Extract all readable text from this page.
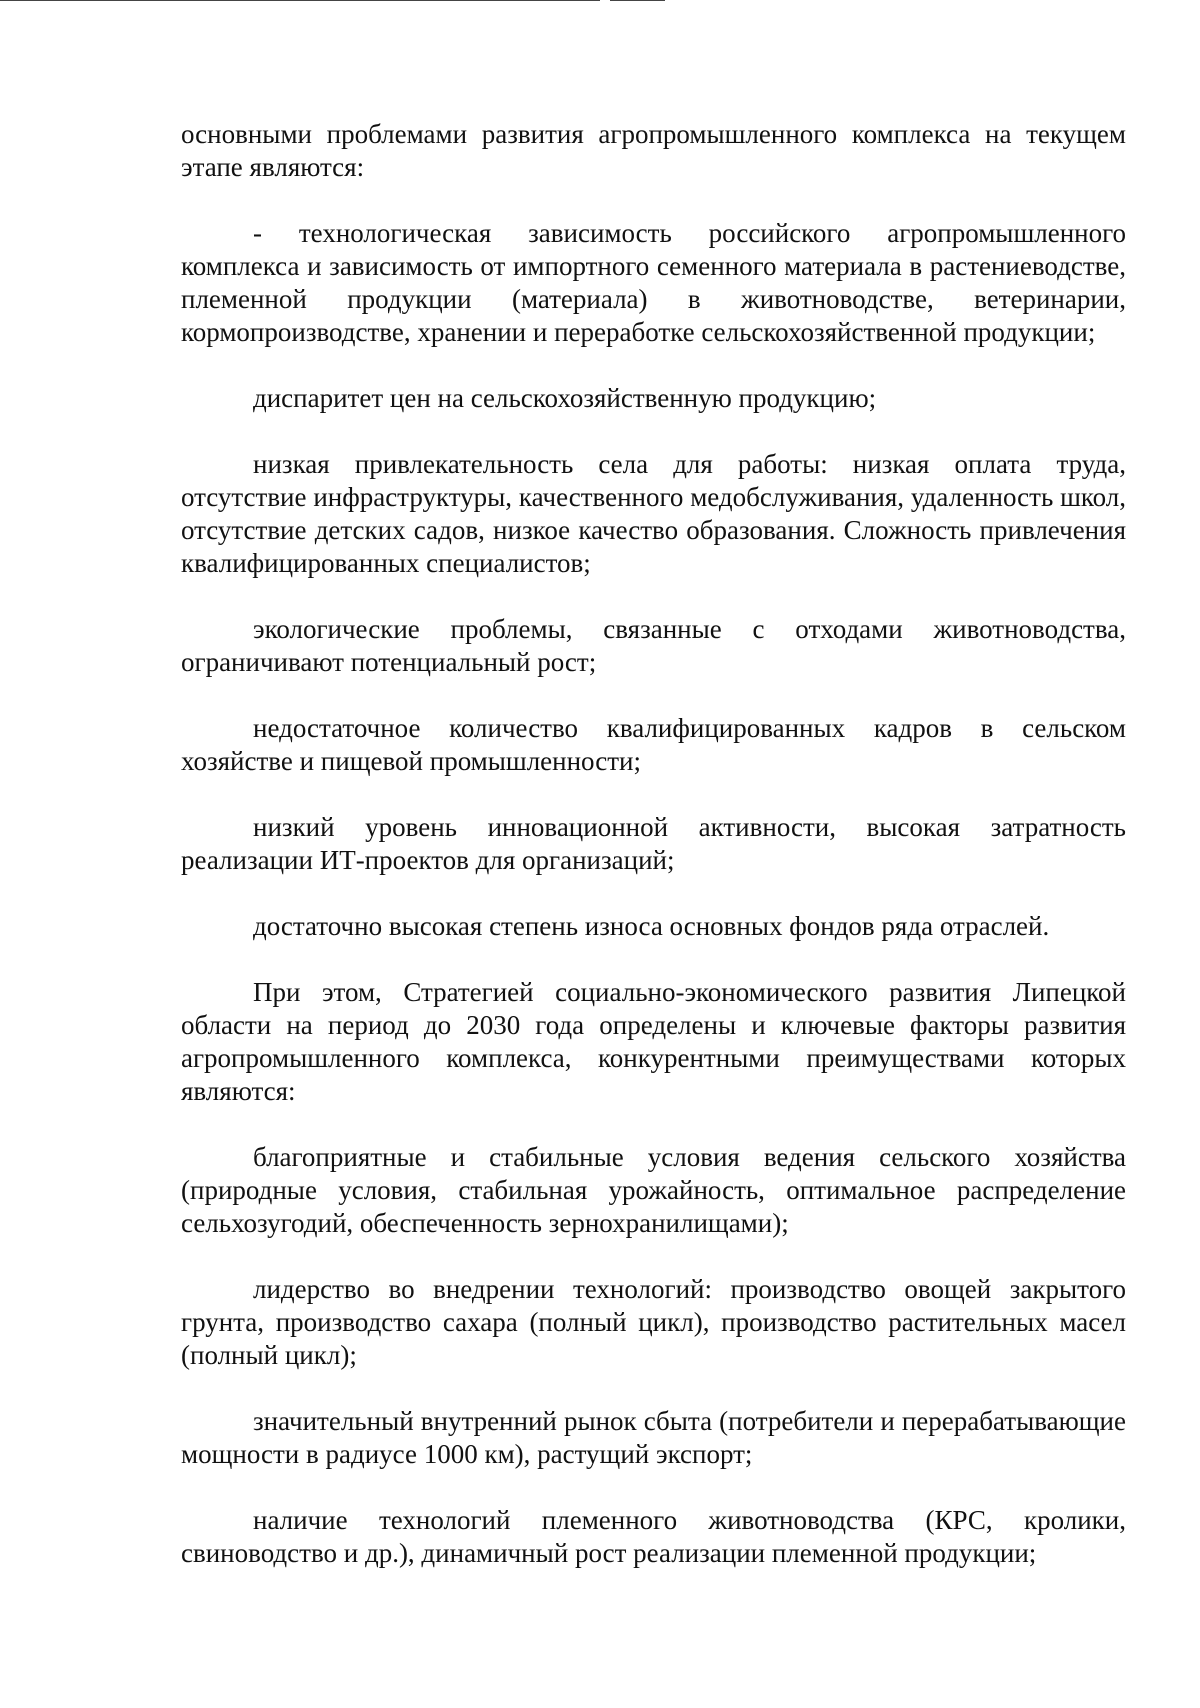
основными проблемами развития агропромышленного комплекса на текущем этапе являются:

- технологическая зависимость российского агропромышленного комплекса и зависимость от импортного семенного материала в растениеводстве, племенной продукции (материала) в животноводстве, ветеринарии, кормопроизводстве, хранении и переработке сельскохозяйственной продукции;

диспаритет цен на сельскохозяйственную продукцию;

низкая привлекательность села для работы: низкая оплата труда, отсутствие инфраструктуры, качественного медобслуживания, удаленность школ, отсутствие детских садов, низкое качество образования. Сложность привлечения квалифицированных специалистов;

экологические проблемы, связанные с отходами животноводства, ограничивают потенциальный рост;

недостаточное количество квалифицированных кадров в сельском хозяйстве и пищевой промышленности;

низкий уровень инновационной активности, высокая затратность реализации ИТ-проектов для организаций;

достаточно высокая степень износа основных фондов ряда отраслей.

При этом, Стратегией социально-экономического развития Липецкой области на период до 2030 года определены и ключевые факторы развития агропромышленного комплекса, конкурентными преимуществами которых являются:

благоприятные и стабильные условия ведения сельского хозяйства (природные условия, стабильная урожайность, оптимальное распределение сельхозугодий, обеспеченность зернохранилищами);

лидерство во внедрении технологий: производство овощей закрытого грунта, производство сахара (полный цикл), производство растительных масел (полный цикл);

значительный внутренний рынок сбыта (потребители и перерабатывающие мощности в радиусе 1000 км), растущий экспорт;

наличие технологий племенного животноводства (КРС, кролики, свиноводство и др.), динамичный рост реализации племенной продукции;
